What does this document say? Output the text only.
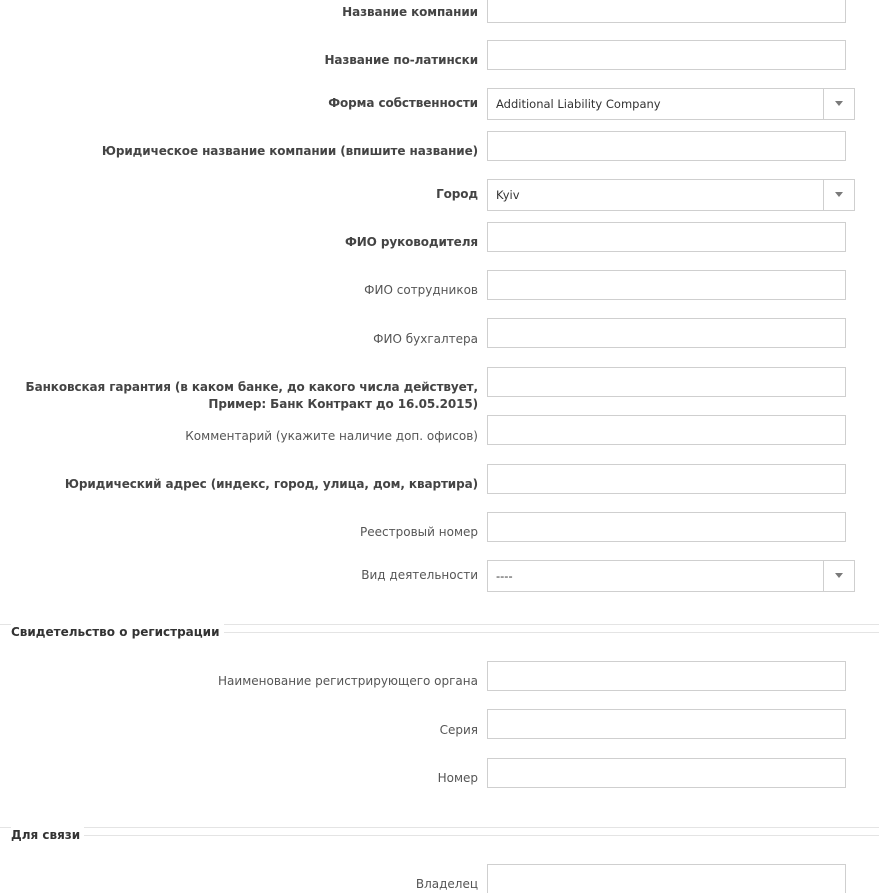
Название компании
Название по-латински
Форма собственности Additional Liability Company
Юридическое название компании (впишите название)
Город Kyiv
ФИО руководителя
ФИО сотрудников
ФИО бухгалтера
Банковская гарантия (в каком банке, до какого числа действует,
Пример: Банк Контракт до 16.05.2015)
Комментарий (укажите наличие доп. офисов)
Юридический адрес (индекс, город, улица, дом, квартира)
Реестровый номер
Вид деятельности ----
Свидетельство о регистрации
Наименование регистрирующего органа
Серия
Номер
Для связи
Владелец
